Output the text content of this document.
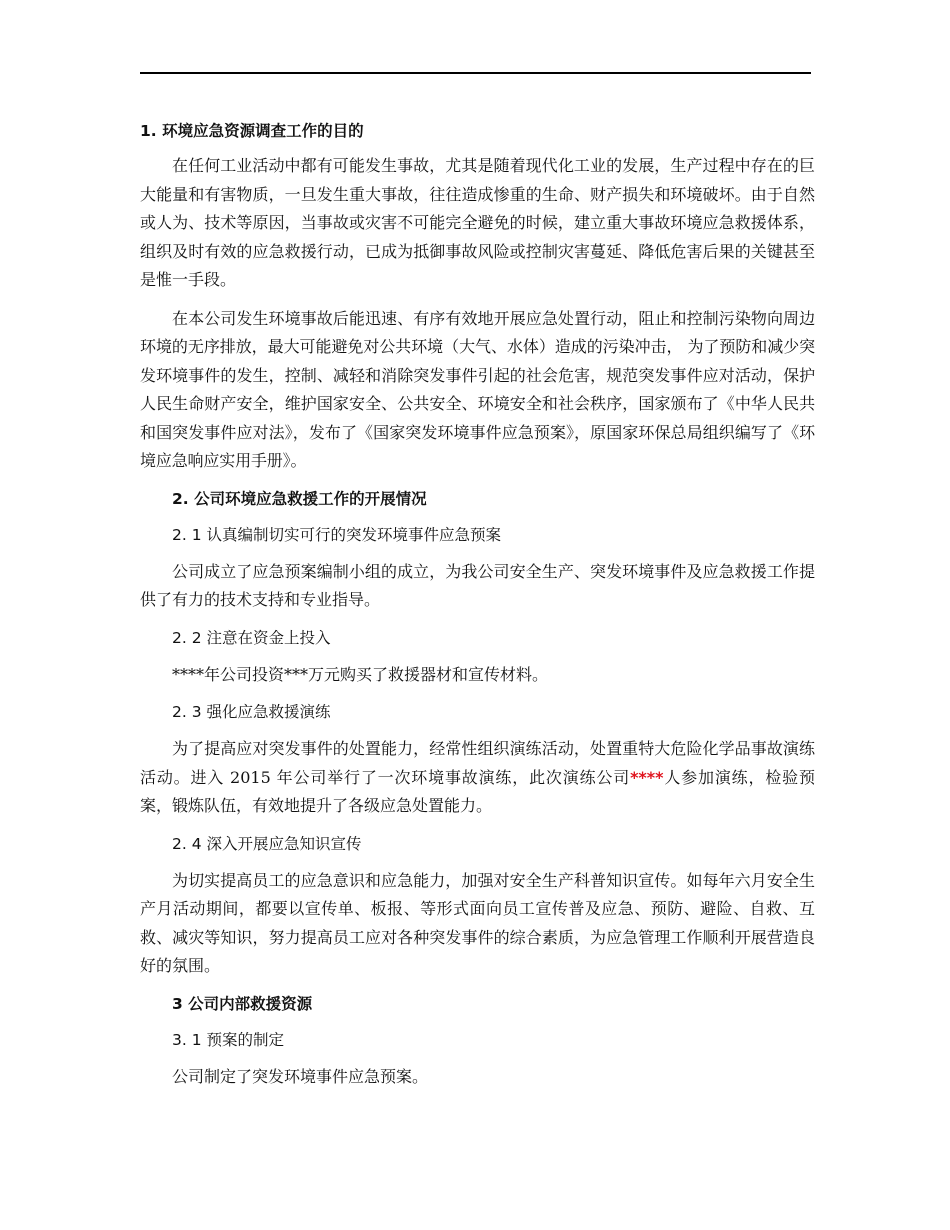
1. 环境应急资源调查工作的目的

在任何工业活动中都有可能发生事故，尤其是随着现代化工业的发展，生产过程中存在的巨大能量和有害物质，一旦发生重大事故，往往造成惨重的生命、财产损失和环境破坏。由于自然或人为、技术等原因，当事故或灾害不可能完全避免的时候，建立重大事故环境应急救援体系，组织及时有效的应急救援行动，已成为抵御事故风险或控制灾害蔓延、降低危害后果的关键甚至是惟一手段。

在本公司发生环境事故后能迅速、有序有效地开展应急处置行动，阻止和控制污染物向周边环境的无序排放，最大可能避免对公共环境（大气、水体）造成的污染冲击， 为了预防和减少突发环境事件的发生，控制、减轻和消除突发事件引起的社会危害，规范突发事件应对活动，保护人民生命财产安全，维护国家安全、公共安全、环境安全和社会秩序，国家颁布了《中华人民共和国突发事件应对法》，发布了《国家突发环境事件应急预案》，原国家环保总局组织编写了《环境应急响应实用手册》。

2. 公司环境应急救援工作的开展情况

2. 1 认真编制切实可行的突发环境事件应急预案

公司成立了应急预案编制小组的成立，为我公司安全生产、突发环境事件及应急救援工作提供了有力的技术支持和专业指导。

2. 2 注意在资金上投入

****年公司投资***万元购买了救援器材和宣传材料。

2. 3 强化应急救援演练

为了提高应对突发事件的处置能力，经常性组织演练活动，处置重特大危险化学品事故演练活动。进入 2015 年公司举行了一次环境事故演练，此次演练公司****人参加演练，检验预案，锻炼队伍，有效地提升了各级应急处置能力。

2. 4 深入开展应急知识宣传

为切实提高员工的应急意识和应急能力，加强对安全生产科普知识宣传。如每年六月安全生产月活动期间，都要以宣传单、板报、等形式面向员工宣传普及应急、预防、避险、自救、互救、减灾等知识，努力提高员工应对各种突发事件的综合素质，为应急管理工作顺利开展营造良好的氛围。

3 公司内部救援资源

3. 1 预案的制定

公司制定了突发环境事件应急预案。
